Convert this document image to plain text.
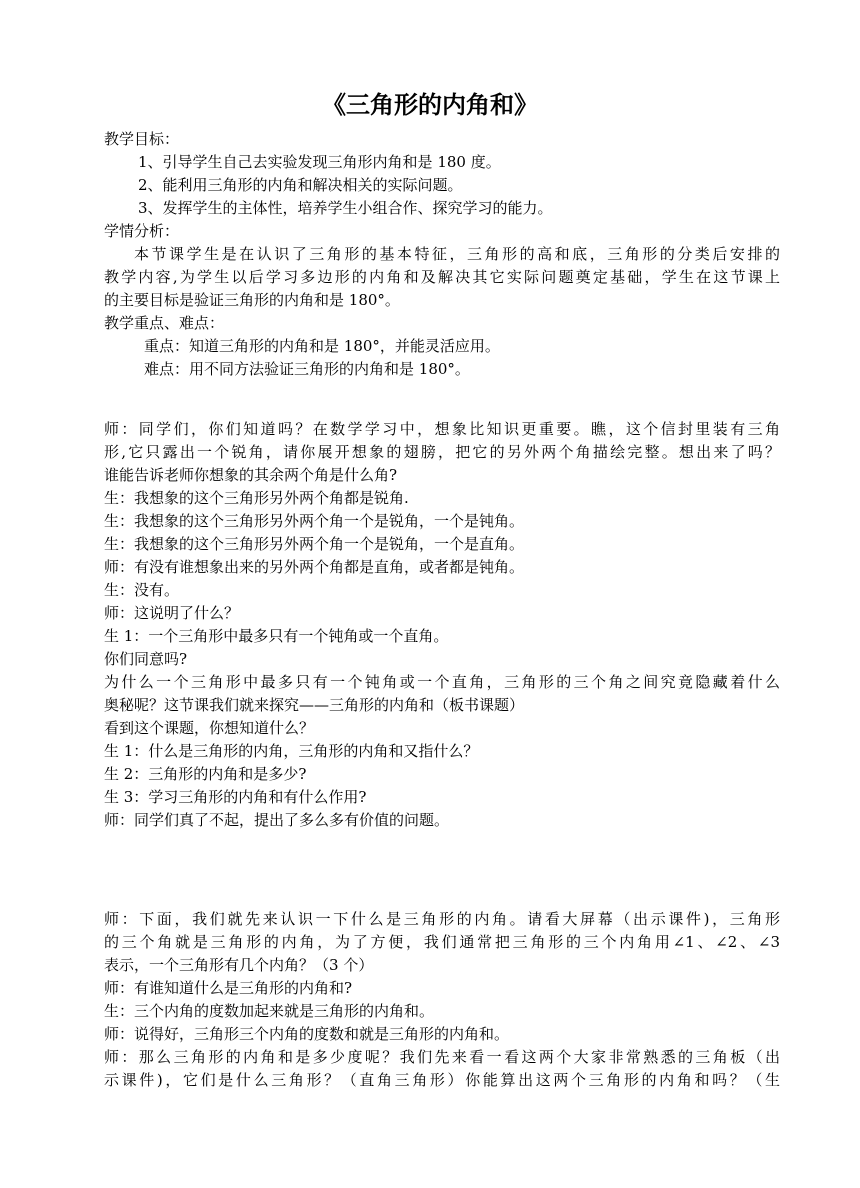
《三角形的内角和》
教学目标：
1、引导学生自己去实验发现三角形内角和是 180 度。
2、能利用三角形的内角和解决相关的实际问题。
3、发挥学生的主体性，培养学生小组合作、探究学习的能力。
学情分析：
本节课学生是在认识了三角形的基本特征，三角形的高和底，三角形的分类后安排的
教学内容,为学生以后学习多边形的内角和及解决其它实际问题奠定基础，学生在这节课上
的主要目标是验证三角形的内角和是 180°。
教学重点、难点：
重点：知道三角形的内角和是 180°，并能灵活应用。
难点：用不同方法验证三角形的内角和是 180°。
师：同学们，你们知道吗？在数学学习中，想象比知识更重要。瞧，这个信封里装有三角
形,它只露出一个锐角，请你展开想象的翅膀，把它的另外两个角描绘完整。想出来了吗？
谁能告诉老师你想象的其余两个角是什么角?
生：我想象的这个三角形另外两个角都是锐角.
生：我想象的这个三角形另外两个角一个是锐角，一个是钝角。
生：我想象的这个三角形另外两个角一个是锐角，一个是直角。
师：有没有谁想象出来的另外两个角都是直角，或者都是钝角。
生：没有。
师：这说明了什么？
生 1：一个三角形中最多只有一个钝角或一个直角。
你们同意吗?
为什么一个三角形中最多只有一个钝角或一个直角，三角形的三个角之间究竟隐藏着什么
奥秘呢？这节课我们就来探究——三角形的内角和（板书课题）
看到这个课题，你想知道什么？
生 1：什么是三角形的内角，三角形的内角和又指什么？
生 2：三角形的内角和是多少?
生 3：学习三角形的内角和有什么作用?
师：同学们真了不起，提出了多么多有价值的问题。
师：下面，我们就先来认识一下什么是三角形的内角。请看大屏幕（出示课件)，三角形
的三个角就是三角形的内角，为了方便，我们通常把三角形的三个内角用∠1、∠2、∠3
表示，一个三角形有几个内角？（3 个）
师：有谁知道什么是三角形的内角和?
生：三个内角的度数加起来就是三角形的内角和。
师：说得好，三角形三个内角的度数和就是三角形的内角和。
师：那么三角形的内角和是多少度呢？我们先来看一看这两个大家非常熟悉的三角板（出
示课件)，它们是什么三角形？（直角三角形）你能算出这两个三角形的内角和吗？（生
